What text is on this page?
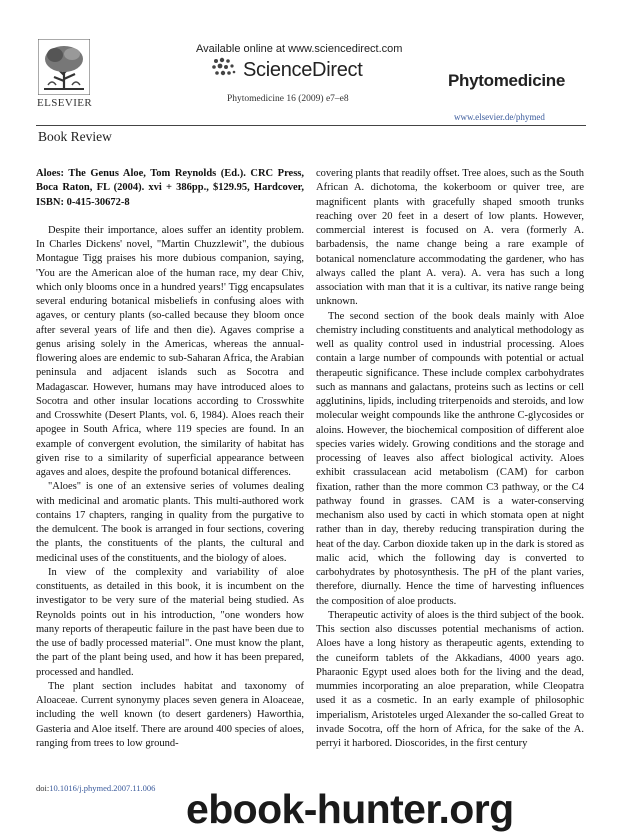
ELSEVIER
Available online at www.sciencedirect.com
ScienceDirect
Phytomedicine 16 (2009) e7–e8
Phytomedicine
www.elsevier.de/phymed
Book Review

Aloes: The Genus Aloe, Tom Reynolds (Ed.). CRC Press, Boca Raton, FL (2004). xvi + 386pp., $129.95, Hardcover, ISBN: 0-415-30672-8

Despite their importance, aloes suffer an identity problem. In Charles Dickens' novel, "Martin Chuzzlewit", the dubious Montague Tigg praises his more dubious companion, saying, 'You are the American aloe of the human race, my dear Chiv, which only blooms once in a hundred years!' Tigg encapsulates several enduring botanical misbeliefs in confusing aloes with agaves, or century plants (so-called because they bloom once after several years of life and then die). Agaves comprise a genus arising solely in the Americas, whereas the annual-flowering aloes are endemic to sub-Saharan Africa, the Arabian peninsula and adjacent islands such as Socotra and Madagascar. However, humans may have introduced aloes to Socotra and other insular locations according to Crosswhite and Crosswhite (Desert Plants, vol. 6, 1984). Aloes reach their apogee in South Africa, where 119 species are found. In an example of convergent evolution, the similarity of habitat has given rise to a similarity of superficial appearance between agaves and aloes, despite the profound botanical differences.

"Aloes" is one of an extensive series of volumes dealing with medicinal and aromatic plants. This multi-authored work contains 17 chapters, ranging in quality from the purgative to the demulcent. The book is arranged in four sections, covering the plants, the constituents of the plants, the cultural and medicinal uses of the constituents, and the biology of aloes.

In view of the complexity and variability of aloe constituents, as detailed in this book, it is incumbent on the investigator to be very sure of the material being studied. As Reynolds points out in his introduction, "one wonders how many reports of therapeutic failure in the past have been due to the use of badly processed material". One must know the plant, the part of the plant being used, and how it has been prepared, processed and handled.

The plant section includes habitat and taxonomy of Aloaceae. Current synonymy places seven genera in Aloaceae, including the well known (to desert gardeners) Haworthia, Gasteria and Aloe itself. There are around 400 species of aloes, ranging from trees to low ground-

covering plants that readily offset. Tree aloes, such as the South African A. dichotoma, the kokerboom or quiver tree, are magnificent plants with gracefully shaped smooth trunks reaching over 20 feet in a desert of low plants. However, commercial interest is focused on A. vera (formerly A. barbadensis, the name change being a rare example of botanical nomenclature accommodating the gardener, who has always called the plant A. vera). A. vera has such a long association with man that it is a cultivar, its native range being unknown.

The second section of the book deals mainly with Aloe chemistry including constituents and analytical methodology as well as quality control used in industrial processing. Aloes contain a large number of compounds with potential or actual therapeutic significance. These include complex carbohydrates such as mannans and galactans, proteins such as lectins or cell agglutinins, lipids, including triterpenoids and steroids, and low molecular weight compounds like the anthrone C-glycosides or aloins. However, the biochemical composition of different aloe species varies widely. Growing conditions and the storage and processing of leaves also affect biological activity. Aloes exhibit crassulacean acid metabolism (CAM) for carbon fixation, rather than the more common C3 pathway, or the C4 pathway found in grasses. CAM is a water-conserving mechanism also used by cacti in which stomata open at night rather than in day, thereby reducing transpiration during the heat of the day. Carbon dioxide taken up in the dark is stored as malic acid, which the following day is converted to carbohydrates by photosynthesis. The pH of the plant varies, therefore, diurnally. Hence the time of harvesting influences the composition of aloe products.

Therapeutic activity of aloes is the third subject of the book. This section also discusses potential mechanisms of action. Aloes have a long history as therapeutic agents, extending to the cuneiform tablets of the Akkadians, 4000 years ago. Pharaonic Egypt used aloes both for the living and the dead, mummies incorporating an aloe preparation, while Cleopatra used it as a cosmetic. In an early example of philosophic imperialism, Aristoteles urged Alexander the so-called Great to invade Socotra, off the horn of Africa, for the sake of the A. perryi it harbored. Dioscorides, in the first century

doi:10.1016/j.phymed.2007.11.006 ebook-hunter.org
